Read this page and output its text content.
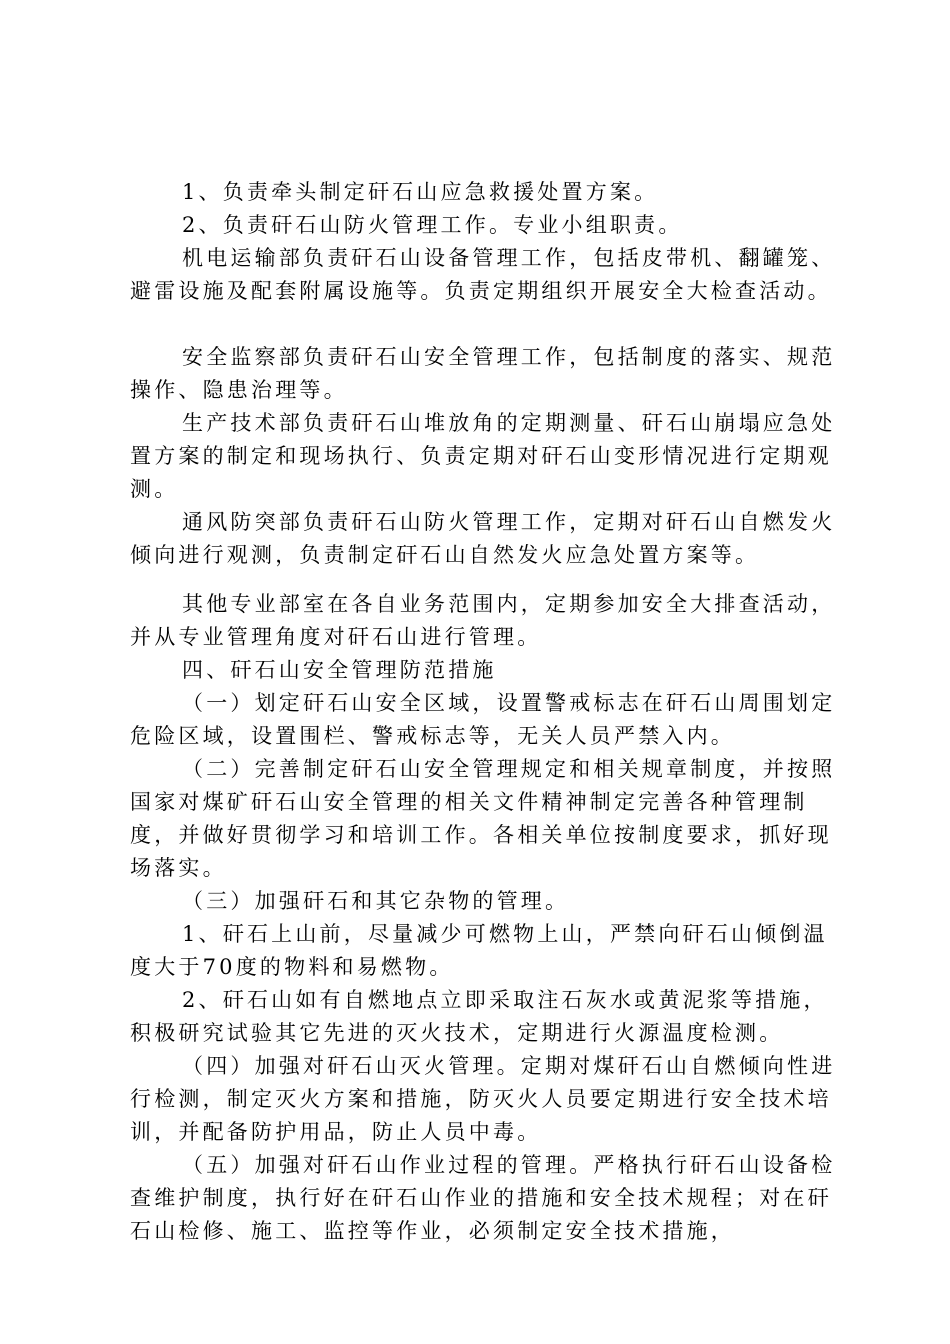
1、负责牵头制定矸石山应急救援处置方案。

2、负责矸石山防火管理工作。专业小组职责。

机电运输部负责矸石山设备管理工作，包括皮带机、翻罐笼、避雷设施及配套附属设施等。负责定期组织开展安全大检查活动。

安全监察部负责矸石山安全管理工作，包括制度的落实、规范操作、隐患治理等。

生产技术部负责矸石山堆放角的定期测量、矸石山崩塌应急处置方案的制定和现场执行、负责定期对矸石山变形情况进行定期观测。

通风防突部负责矸石山防火管理工作，定期对矸石山自燃发火倾向进行观测，负责制定矸石山自然发火应急处置方案等。

其他专业部室在各自业务范围内，定期参加安全大排查活动，并从专业管理角度对矸石山进行管理。

四、矸石山安全管理防范措施

（一）划定矸石山安全区域，设置警戒标志在矸石山周围划定危险区域，设置围栏、警戒标志等，无关人员严禁入内。

（二）完善制定矸石山安全管理规定和相关规章制度，并按照国家对煤矿矸石山安全管理的相关文件精神制定完善各种管理制度，并做好贯彻学习和培训工作。各相关单位按制度要求，抓好现场落实。

（三）加强矸石和其它杂物的管理。

1、矸石上山前，尽量减少可燃物上山，严禁向矸石山倾倒温度大于70度的物料和易燃物。

2、矸石山如有自燃地点立即采取注石灰水或黄泥浆等措施，积极研究试验其它先进的灭火技术，定期进行火源温度检测。

（四）加强对矸石山灭火管理。定期对煤矸石山自燃倾向性进行检测，制定灭火方案和措施，防灭火人员要定期进行安全技术培训，并配备防护用品，防止人员中毒。

（五）加强对矸石山作业过程的管理。严格执行矸石山设备检查维护制度，执行好在矸石山作业的措施和安全技术规程；对在矸石山检修、施工、监控等作业，必须制定安全技术措施，
